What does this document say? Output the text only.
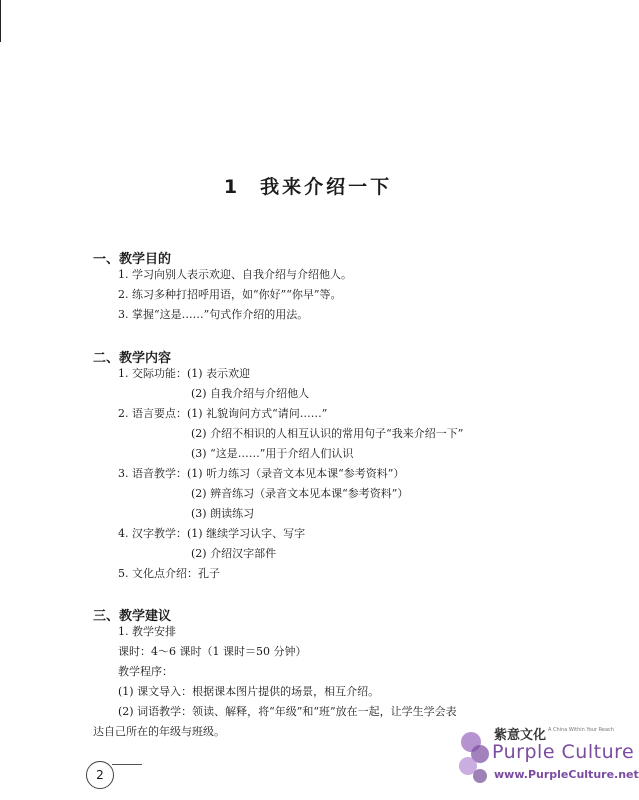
1 我来介绍一下
一、教学目的
1. 学习向别人表示欢迎、自我介绍与介绍他人。
2. 练习多种打招呼用语，如“你好”“你早”等。
3. 掌握“这是……”句式作介绍的用法。
二、教学内容
1. 交际功能：(1) 表示欢迎
(2) 自我介绍与介绍他人
2. 语言要点：(1) 礼貌询问方式“请问……”
(2) 介绍不相识的人相互认识的常用句子“我来介绍一下”
(3) “这是……”用于介绍人们认识
3. 语音教学：(1) 听力练习（录音文本见本课“参考资料”）
(2) 辨音练习（录音文本见本课“参考资料”）
(3) 朗读练习
4. 汉字教学：(1) 继续学习认字、写字
(2) 介绍汉字部件
5. 文化点介绍：孔子
三、教学建议
1. 教学安排
课时：4～6 课时（1 课时＝50 分钟）
教学程序：
(1) 课文导入：根据课本图片提供的场景，相互介绍。
(2) 词语教学：领读、解释，将“年级”和“班”放在一起，让学生学会表
达自己所在的年级与班级。
2
紫意文化 A China Within Your Reach
Purple Culture
www.PurpleCulture.net
